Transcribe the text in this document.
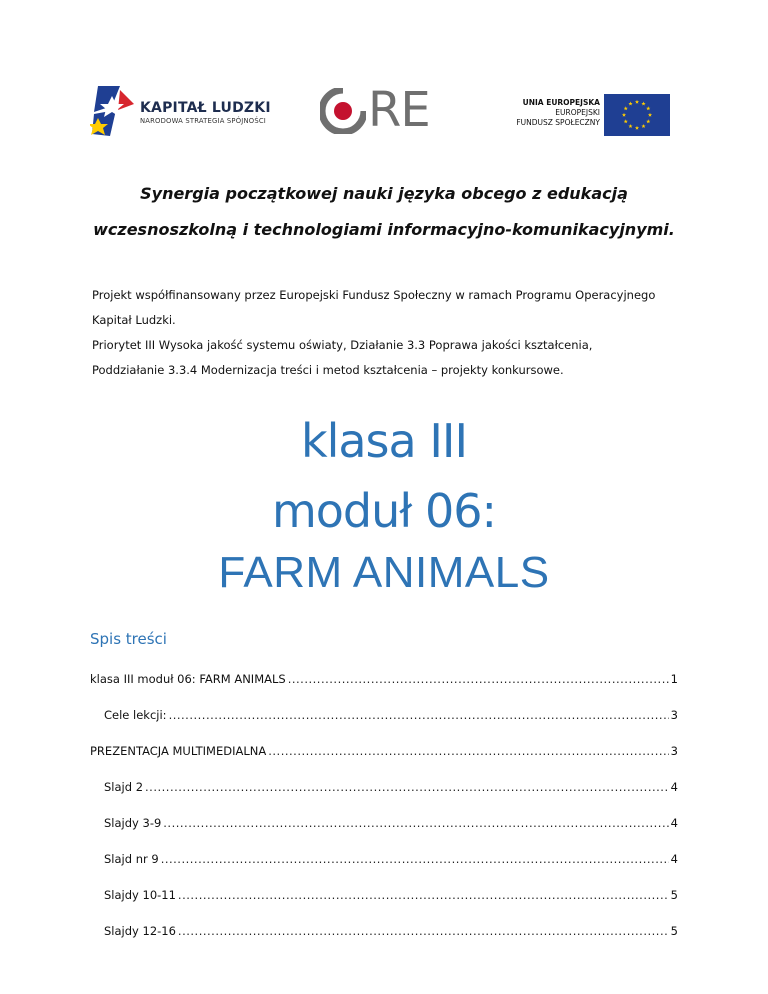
KAPITAŁ LUDZKI
NARODOWA STRATEGIA SPÓJNOŚCI RE	UNIA EUROPEJSKA
EUROPEJSKI
FUNDUSZ SPOŁECZNY
Synergia początkowej nauki języka obcego z edukacją
wczesnoszkolną i technologiami informacyjno-komunikacyjnymi.
Projekt współfinansowany przez Europejski Fundusz Społeczny w ramach Programu Operacyjnego
Kapitał Ludzki.
Priorytet III Wysoka jakość systemu oświaty, Działanie 3.3 Poprawa jakości kształcenia,
Poddziałanie 3.3.4 Modernizacja treści i metod kształcenia – projekty konkursowe.
klasa III
moduł 06:
FARM ANIMALS
Spis treści
klasa III moduł 06: FARM ANIMALS .....	1
Cele lekcji: .....	3
PREZENTACJA MULTIMEDIALNA .....	3
Slajd 2 .....	4
Slajdy 3-9 .....	4
Slajd nr 9 .....	4
Slajdy 10-11 .....	5
Slajdy 12-16 .....	5
